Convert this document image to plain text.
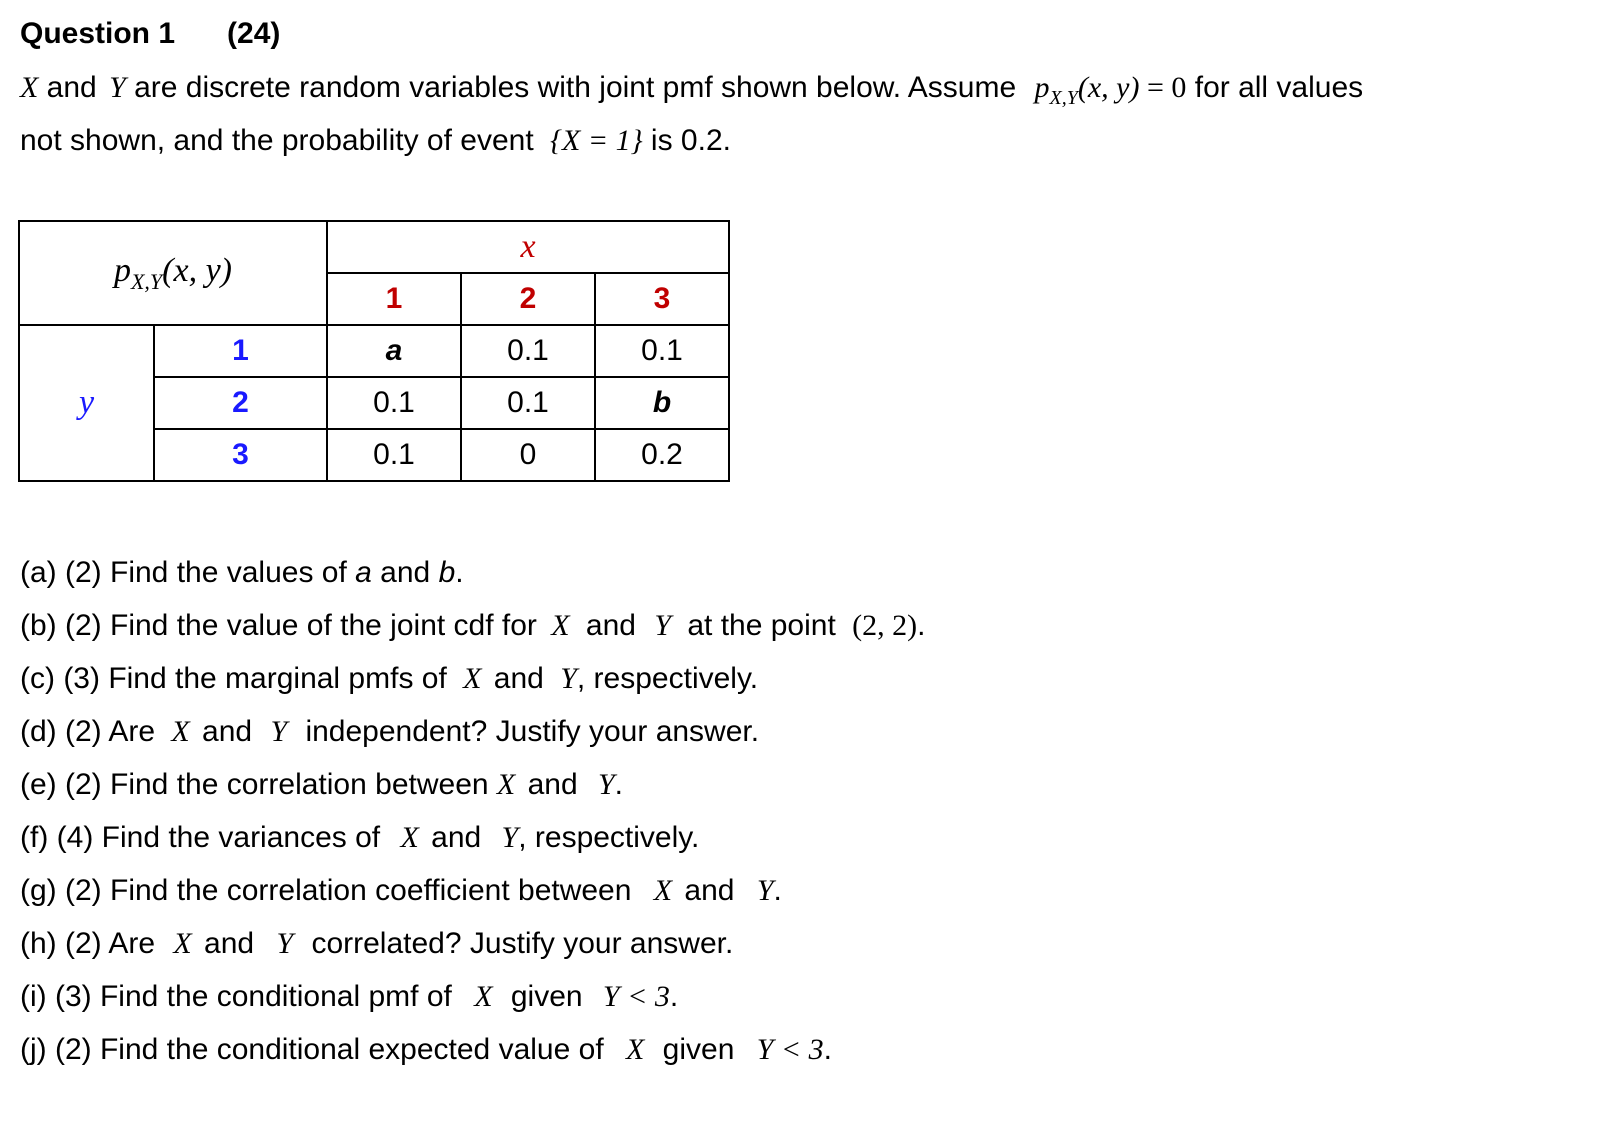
Question 1 (24)
X and Y are discrete random variables with joint pmf shown below. Assume $p_{X,Y}(x$, y) = 0 for all values
not shown, and the probability of event {X = 1} is 0.2.
$p_{X,Y}(x$, y)		x		
		1	2	3
y	1	a	0.1	0.1
	2	0.1	0.1	b
	3	0.1	0	0.2
(a) (2) Find the values of a and b.
(b) (2) Find the value of the joint cdf for X and Y at the point (2, 2).
(c) (3) Find the marginal pmfs of X and Y, respectively.
(d) (2) Are X and Y independent? Justify your answer.
(e) (2) Find the correlation between X and Y.
(f) (4) Find the variances of X and Y, respectively.
(g) (2) Find the correlation coefficient between X and Y.
(h) (2) Are X and Y correlated? Justify your answer.
(i) (3) Find the conditional pmf of X given Y < 3.
(j) (2) Find the conditional expected value of X given Y < 3.
